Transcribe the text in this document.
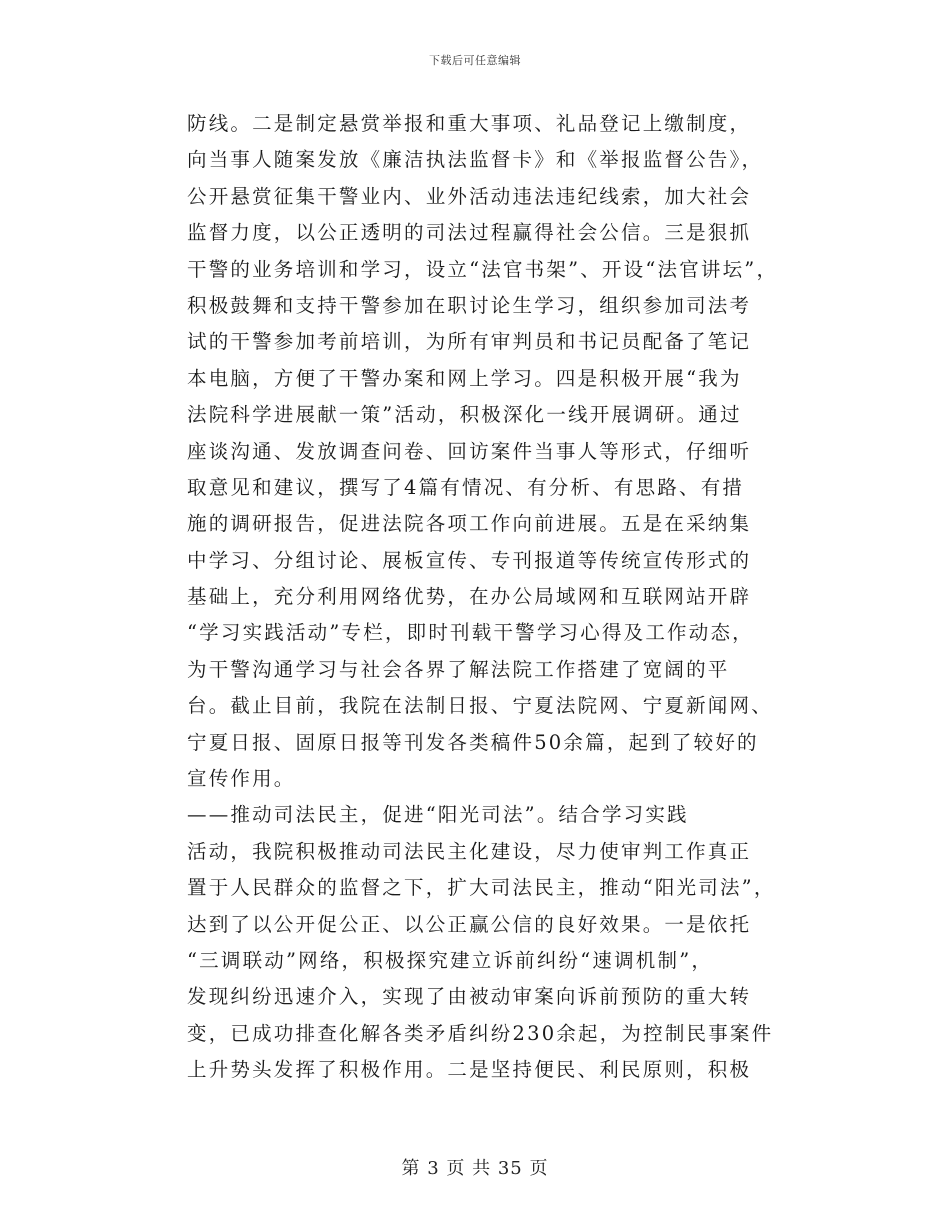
下载后可任意编辑
防线。二是制定悬赏举报和重大事项、礼品登记上缴制度，
向当事人随案发放《廉洁执法监督卡》和《举报监督公告》，
公开悬赏征集干警业内、业外活动违法违纪线索，加大社会
监督力度，以公正透明的司法过程赢得社会公信。三是狠抓
干警的业务培训和学习，设立“法官书架”、开设“法官讲坛”，
积极鼓舞和支持干警参加在职讨论生学习，组织参加司法考
试的干警参加考前培训，为所有审判员和书记员配备了笔记
本电脑，方便了干警办案和网上学习。四是积极开展“我为
法院科学进展献一策”活动，积极深化一线开展调研。通过
座谈沟通、发放调查问卷、回访案件当事人等形式，仔细听
取意见和建议，撰写了4篇有情况、有分析、有思路、有措
施的调研报告，促进法院各项工作向前进展。五是在采纳集
中学习、分组讨论、展板宣传、专刊报道等传统宣传形式的
基础上，充分利用网络优势，在办公局域网和互联网站开辟
“学习实践活动”专栏，即时刊载干警学习心得及工作动态，
为干警沟通学习与社会各界了解法院工作搭建了宽阔的平
台。截止目前，我院在法制日报、宁夏法院网、宁夏新闻网、
宁夏日报、固原日报等刊发各类稿件50余篇，起到了较好的
宣传作用。
——推动司法民主，促进“阳光司法”。结合学习实践
活动，我院积极推动司法民主化建设，尽力使审判工作真正
置于人民群众的监督之下，扩大司法民主，推动“阳光司法”，
达到了以公开促公正、以公正赢公信的良好效果。一是依托
“三调联动”网络，积极探究建立诉前纠纷“速调机制”，
发现纠纷迅速介入，实现了由被动审案向诉前预防的重大转
变，已成功排查化解各类矛盾纠纷230余起，为控制民事案件
上升势头发挥了积极作用。二是坚持便民、利民原则，积极
第 3 页 共 35 页
